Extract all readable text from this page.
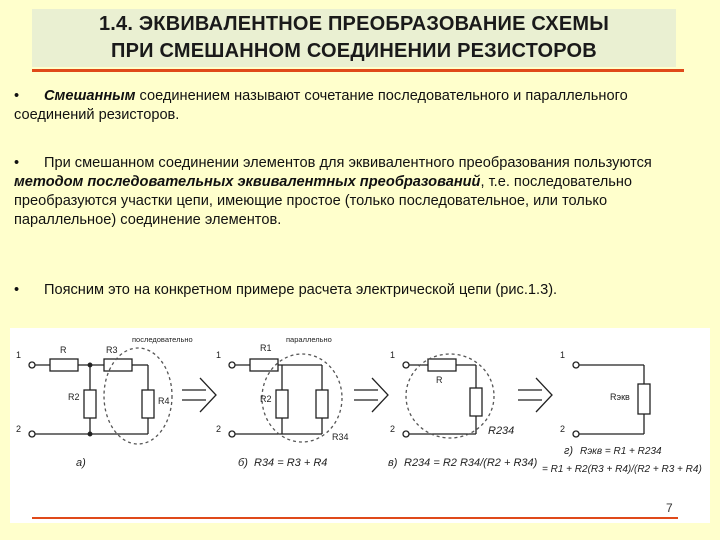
1.4. ЭКВИВАЛЕНТНОЕ ПРЕОБРАЗОВАНИЕ СХЕМЫ
ПРИ СМЕШАННОМ СОЕДИНЕНИИ РЕЗИСТОРОВ
• Смешанным соединением называют сочетание последовательного и параллельного соединений резисторов.
• При смешанном соединении элементов для эквивалентного преобразования пользуются методом последовательных эквивалентных преобразований, т.е. последовательно преобразуются участки цепи, имеющие простое (только последовательное, или только параллельное) соединение элементов.
• Поясним это на конкретном примере расчета электрической цепи (рис.1.3).
1
2
R	R3
R2	R4
последовательно
а)
1
2
R1
R2
R34
параллельно
б) R34 = R3 + R4
1
2
R
R234
в) R234 = R2 R34/(R2 + R34)
1
2
Rэкв
г) Rэкв = R1 + R234
= R1 + R2(R3 + R4)/(R2 + R3 + R4)
7
